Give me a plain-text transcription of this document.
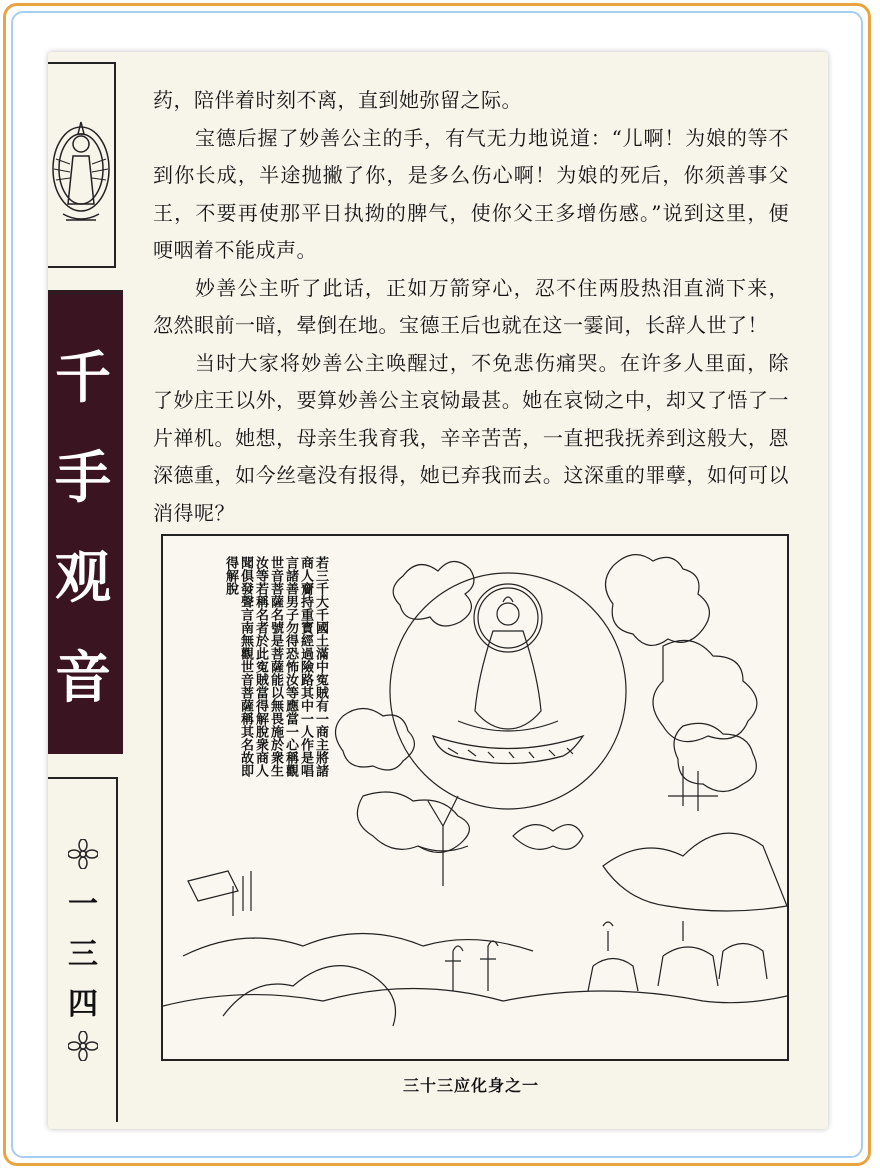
千
手
观
音
一
三
四

药，陪伴着时刻不离，直到她弥留之际。

宝德后握了妙善公主的手，有气无力地说道：“儿啊！为娘的等不到你长成，半途抛撇了你，是多么伤心啊！为娘的死后，你须善事父王，不要再使那平日执拗的脾气，使你父王多增伤感。”说到这里，便哽咽着不能成声。

妙善公主听了此话，正如万箭穿心，忍不住两股热泪直淌下来，忽然眼前一暗，晕倒在地。宝德王后也就在这一霎间，长辞人世了！

当时大家将妙善公主唤醒过，不免悲伤痛哭。在许多人里面，除了妙庄王以外，要算妙善公主哀恸最甚。她在哀恸之中，却又了悟了一片禅机。她想，母亲生我育我，辛辛苦苦，一直把我抚养到这般大，恩深德重，如今丝毫没有报得，她已弃我而去。这深重的罪孽，如何可以消得呢？

若三千大千國土滿中寃賊有一商主將諸
商人齎持重寳經過險路其中一人作是唱
言諸善男子勿得恐怖汝等應當一心稱觀
世音菩薩名號是菩薩能以無畏施於衆生
汝等若稱名者於此寃賊當得解脫衆商人
聞俱發聲言南無觀世音菩薩稱其名故即
得解脫
三十三应化身之一
